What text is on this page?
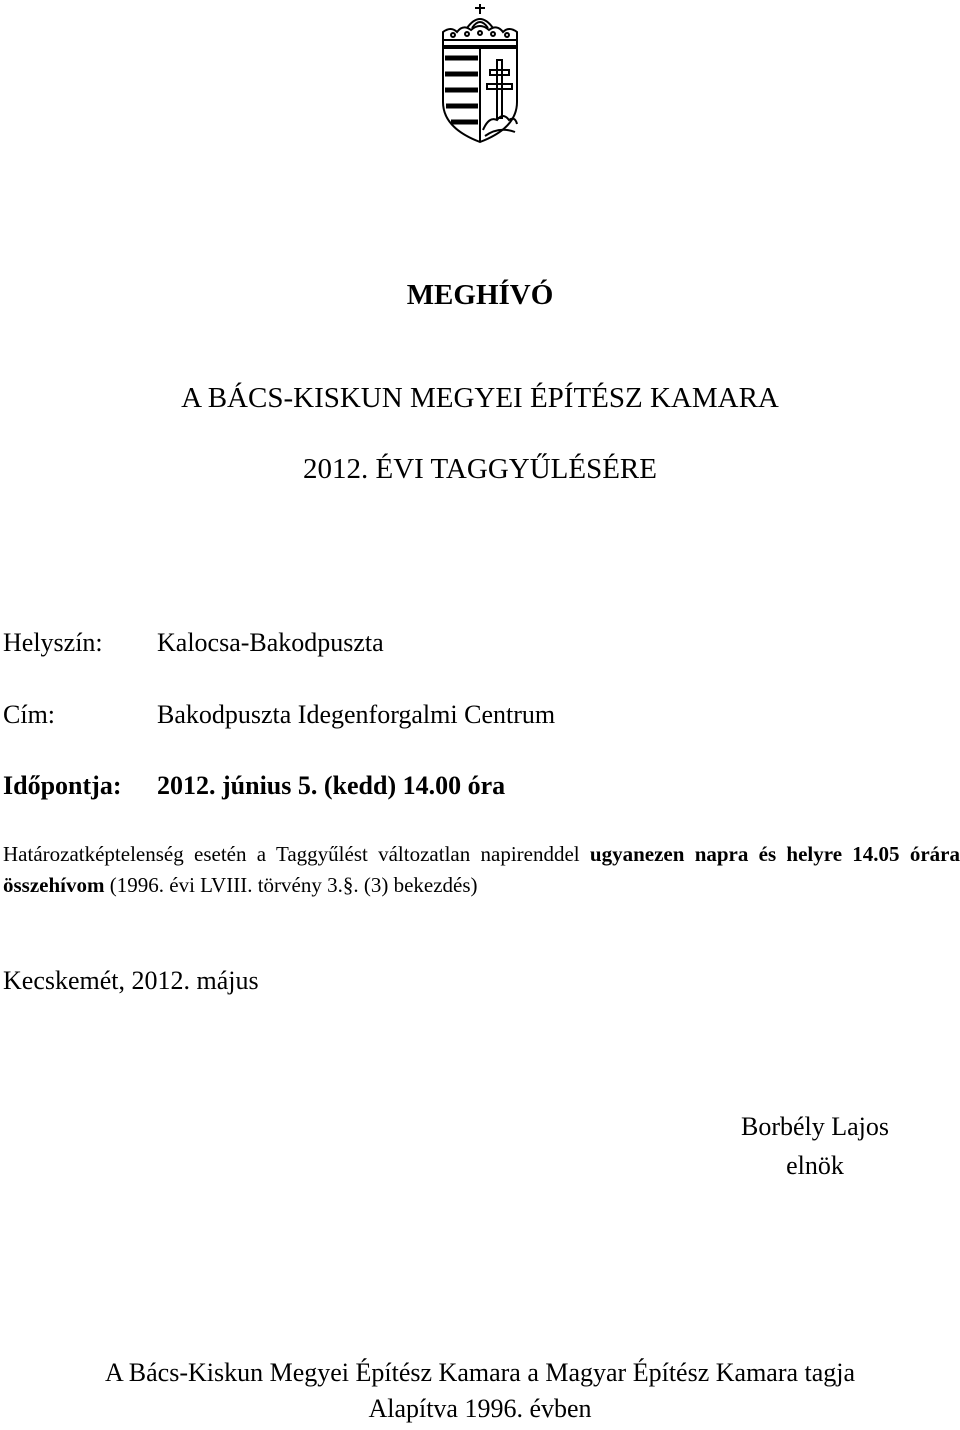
MEGHÍVÓ
A BÁCS-KISKUN MEGYEI ÉPÍTÉSZ KAMARA
2012. ÉVI TAGGYŰLÉSÉRE
Helyszín: Kalocsa-Bakodpuszta
Cím:	Bakodpuszta Idegenforgalmi Centrum
Időpontja: 2012. június 5. (kedd) 14.00 óra
Határozatképtelenség esetén a Taggyűlést változatlan napirenddel ugyanezen napra és helyre 14.05 órára összehívom (1996. évi LVIII. törvény 3.§. (3) bekezdés)
Kecskemét, 2012. május
Borbély Lajos
elnök
A Bács-Kiskun Megyei Építész Kamara a Magyar Építész Kamara tagja
Alapítva 1996. évben
